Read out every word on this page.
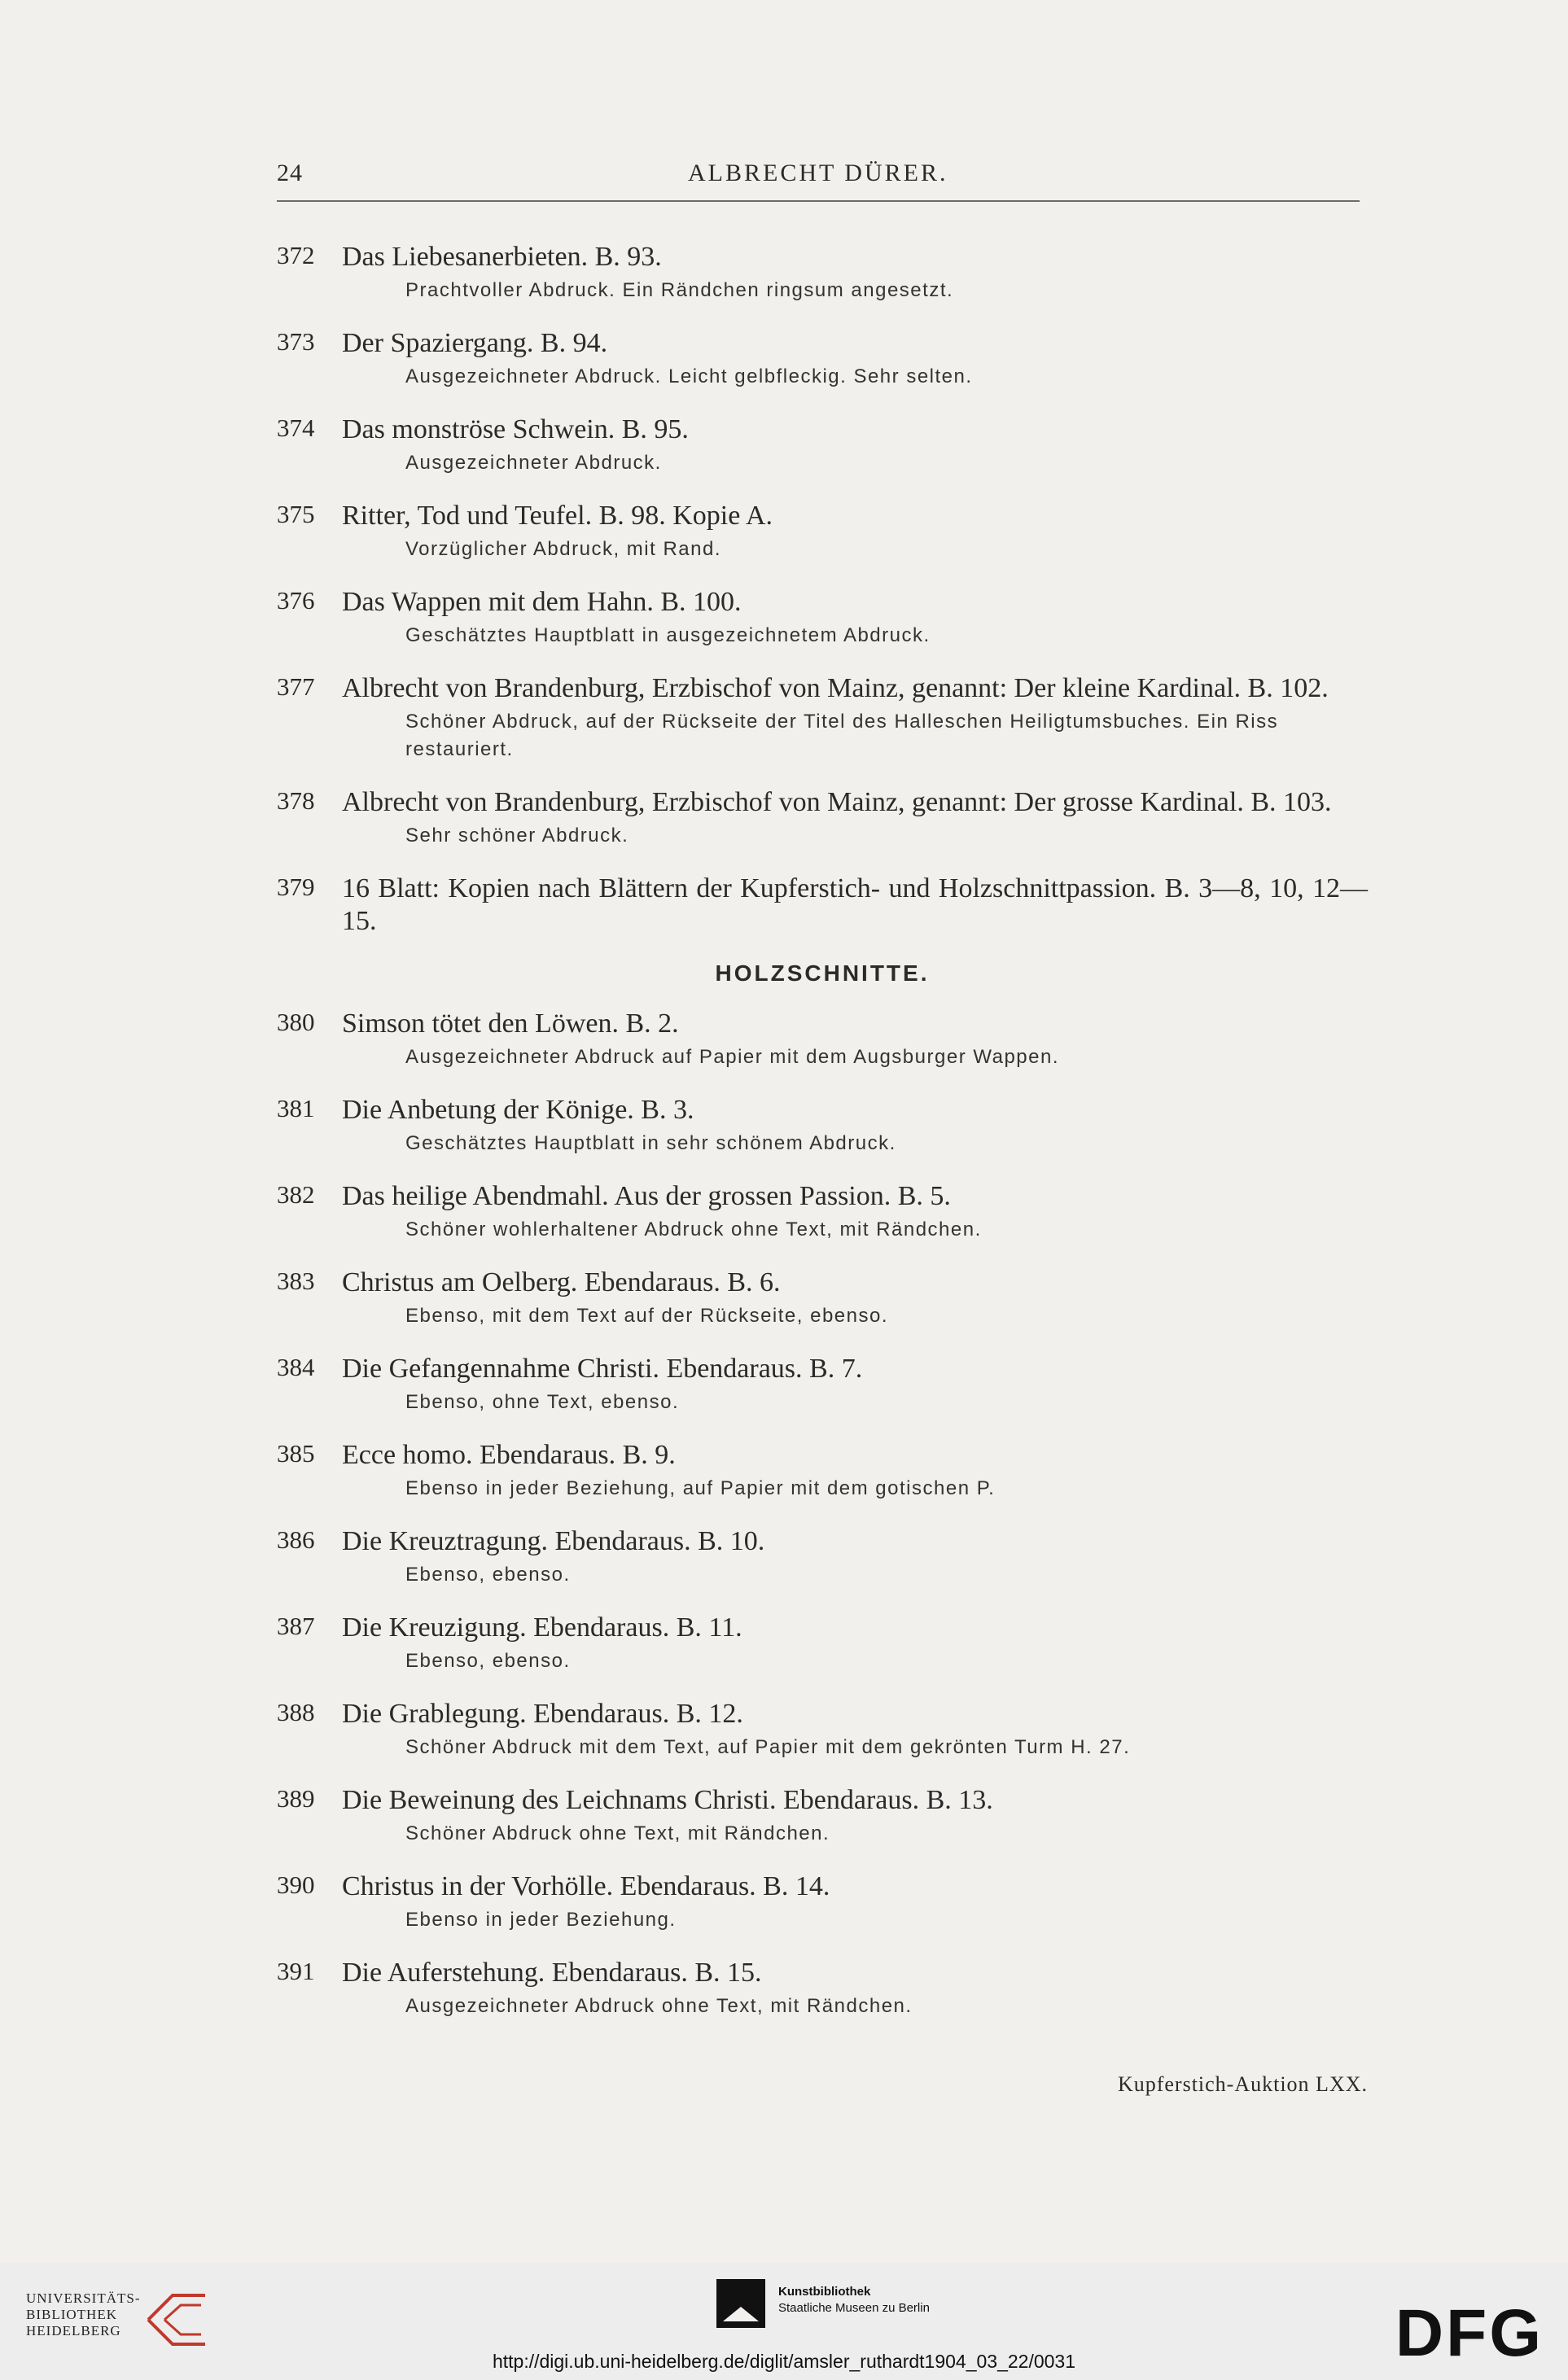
24	ALBRECHT DÜRER.
372 Das Liebesanerbieten. B. 93.
Prachtvoller Abdruck. Ein Rändchen ringsum angesetzt.
373 Der Spaziergang. B. 94.
Ausgezeichneter Abdruck. Leicht gelbfleckig. Sehr selten.
374 Das monströse Schwein. B. 95.
Ausgezeichneter Abdruck.
375 Ritter, Tod und Teufel. B. 98. Kopie A.
Vorzüglicher Abdruck, mit Rand.
376 Das Wappen mit dem Hahn. B. 100.
Geschätztes Hauptblatt in ausgezeichnetem Abdruck.
377 Albrecht von Brandenburg, Erzbischof von Mainz, genannt: Der kleine Kardinal. B. 102.
Schöner Abdruck, auf der Rückseite der Titel des Halleschen Heiligtumsbuches. Ein Riss restauriert.
378 Albrecht von Brandenburg, Erzbischof von Mainz, genannt: Der grosse Kardinal. B. 103.
Sehr schöner Abdruck.
379 16 Blatt: Kopien nach Blättern der Kupferstich- und Holzschnittpassion. B. 3—8, 10, 12—15.
HOLZSCHNITTE.
380 Simson tötet den Löwen. B. 2.
Ausgezeichneter Abdruck auf Papier mit dem Augsburger Wappen.
381 Die Anbetung der Könige. B. 3.
Geschätztes Hauptblatt in sehr schönem Abdruck.
382 Das heilige Abendmahl. Aus der grossen Passion. B. 5.
Schöner wohlerhaltener Abdruck ohne Text, mit Rändchen.
383 Christus am Oelberg. Ebendaraus. B. 6.
Ebenso, mit dem Text auf der Rückseite, ebenso.
384 Die Gefangennahme Christi. Ebendaraus. B. 7.
Ebenso, ohne Text, ebenso.
385 Ecce homo. Ebendaraus. B. 9.
Ebenso in jeder Beziehung, auf Papier mit dem gotischen P.
386 Die Kreuztragung. Ebendaraus. B. 10.
Ebenso, ebenso.
387 Die Kreuzigung. Ebendaraus. B. 11.
Ebenso, ebenso.
388 Die Grablegung. Ebendaraus. B. 12.
Schöner Abdruck mit dem Text, auf Papier mit dem gekrönten Turm H. 27.
389 Die Beweinung des Leichnams Christi. Ebendaraus. B. 13.
Schöner Abdruck ohne Text, mit Rändchen.
390 Christus in der Vorhölle. Ebendaraus. B. 14.
Ebenso in jeder Beziehung.
391 Die Auferstehung. Ebendaraus. B. 15.
Ausgezeichneter Abdruck ohne Text, mit Rändchen.
Kupferstich-Auktion LXX.
UNIVERSITÄTS-
BIBLIOTHEK
HEIDELBERG
Kunstbibliothek
Staatliche Museen zu Berlin	DFG
http://digi.ub.uni-heidelberg.de/diglit/amsler_ruthardt1904_03_22/0031
